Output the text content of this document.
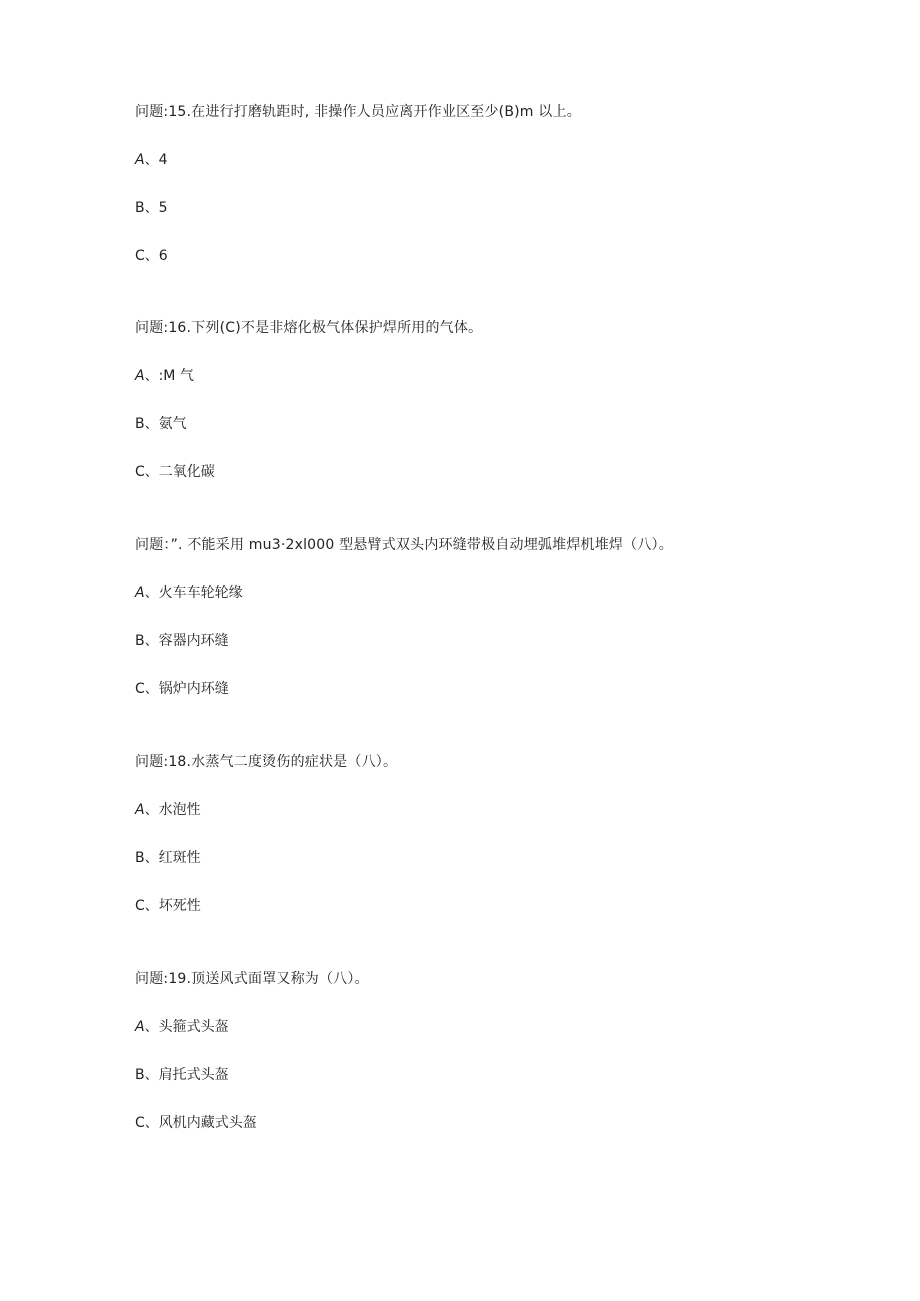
问题:15.在进行打磨轨距时, 非操作人员应离开作业区至少(B)m 以上。
A、4
B、5
C、6
问题:16.下列(C)不是非熔化极气体保护焊所用的气体。
A、:M 气
B、氨气
C、二氧化碳
问题：”. 不能采用 mu3·2xl000 型悬臂式双头内环缝带极自动埋弧堆焊机堆焊（八）。
A、火车车轮轮缘
B、容器内环缝
C、锅炉内环缝
问题:18.水蒸气二度烫伤的症状是（八）。
A、水泡性
B、红斑性
C、坏死性
问题:19.顶送风式面罩又称为（八）。
A、头箍式头盔
B、肩托式头盔
C、风机内藏式头盔
